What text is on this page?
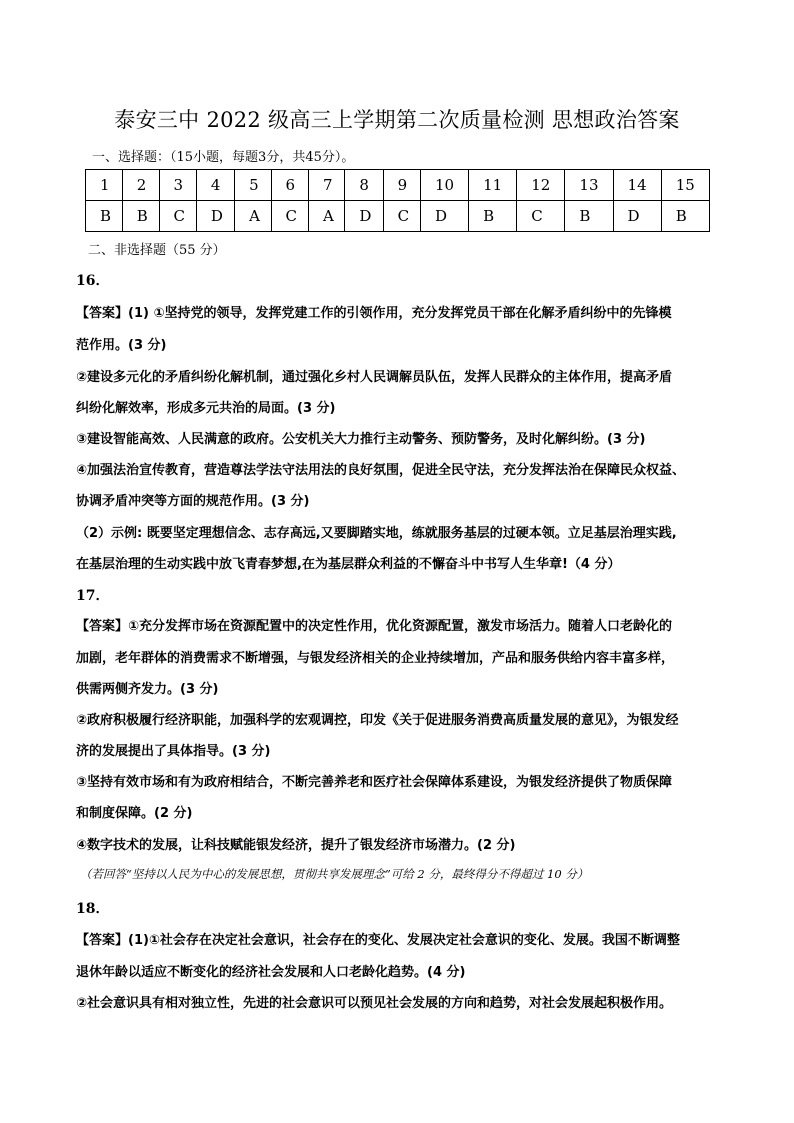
泰安三中 2022 级高三上学期第二次质量检测 思想政治答案
一、选择题：（15小题，每题3分，共45分）。
1	2	3	4	5	6	7	8	9	10	11	12	13	14	15
B	B	C	D	A	C	A	D	C	D	B	C	B	D	B
二、非选择题（55 分）
16．
【答案】(1) ①坚持党的领导，发挥党建工作的引领作用，充分发挥党员干部在化解矛盾纠纷中的先锋模
范作用。(3 分)
②建设多元化的矛盾纠纷化解机制，通过强化乡村人民调解员队伍，发挥人民群众的主体作用，提高矛盾
纠纷化解效率，形成多元共治的局面。(3 分)
③建设智能高效、人民满意的政府。公安机关大力推行主动警务、预防警务，及时化解纠纷。(3 分)
④加强法治宣传教育，营造尊法学法守法用法的良好氛围，促进全民守法，充分发挥法治在保障民众权益、
协调矛盾冲突等方面的规范作用。(3 分)
（2）示例: 既要坚定理想信念、志存高远,又要脚踏实地，练就服务基层的过硬本领。立足基层治理实践,
在基层治理的生动实践中放飞青春梦想,在为基层群众利益的不懈奋斗中书写人生华章!（4 分）
17．
【答案】①充分发挥市场在资源配置中的决定性作用，优化资源配置，激发市场活力。随着人口老龄化的
加剧，老年群体的消费需求不断增强，与银发经济相关的企业持续增加，产品和服务供给内容丰富多样，
供需两侧齐发力。(3 分)
②政府积极履行经济职能，加强科学的宏观调控，印发《关于促进服务消费高质量发展的意见》，为银发经
济的发展提出了具体指导。(3 分)
③坚持有效市场和有为政府相结合，不断完善养老和医疗社会保障体系建设，为银发经济提供了物质保障
和制度保障。(2 分)
④数字技术的发展，让科技赋能银发经济，提升了银发经济市场潜力。(2 分)
（若回答“坚持以人民为中心的发展思想，贯彻共享发展理念”可给 2 分，最终得分不得超过 10 分）
18．
【答案】(1)①社会存在决定社会意识，社会存在的变化、发展决定社会意识的变化、发展。我国不断调整
退休年龄以适应不断变化的经济社会发展和人口老龄化趋势。(4 分)
②社会意识具有相对独立性，先进的社会意识可以预见社会发展的方向和趋势，对社会发展起积极作用。
